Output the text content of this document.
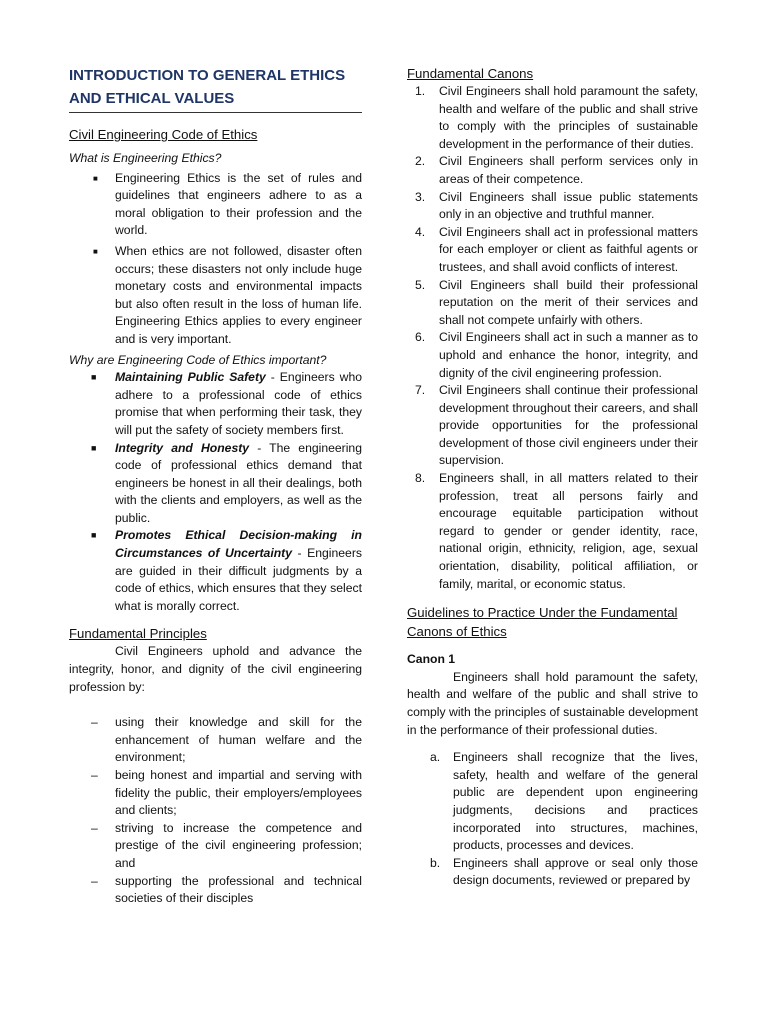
INTRODUCTION TO GENERAL ETHICS AND ETHICAL VALUES

Civil Engineering Code of Ethics

What is Engineering Ethics?

■ Engineering Ethics is the set of rules and guidelines that engineers adhere to as a moral obligation to their profession and the world.
■ When ethics are not followed, disaster often occurs; these disasters not only include huge monetary costs and environmental impacts but also often result in the loss of human life. Engineering Ethics applies to every engineer and is very important.

Why are Engineering Code of Ethics important?

■ Maintaining Public Safety - Engineers who adhere to a professional code of ethics promise that when performing their task, they will put the safety of society members first.
■ Integrity and Honesty - The engineering code of professional ethics demand that engineers be honest in all their dealings, both with the clients and employers, as well as the public.
■ Promotes Ethical Decision-making in Circumstances of Uncertainty - Engineers are guided in their difficult judgments by a code of ethics, which ensures that they select what is morally correct.

Fundamental Principles

Civil Engineers uphold and advance the integrity, honor, and dignity of the civil engineering profession by:

– using their knowledge and skill for the enhancement of human welfare and the environment;
– being honest and impartial and serving with fidelity the public, their employers/employees and clients;
– striving to increase the competence and prestige of the civil engineering profession; and
– supporting the professional and technical societies of their disciples

Fundamental Canons

1. Civil Engineers shall hold paramount the safety, health and welfare of the public and shall strive to comply with the principles of sustainable development in the performance of their duties.
2. Civil Engineers shall perform services only in areas of their competence.
3. Civil Engineers shall issue public statements only in an objective and truthful manner.
4. Civil Engineers shall act in professional matters for each employer or client as faithful agents or trustees, and shall avoid conflicts of interest.
5. Civil Engineers shall build their professional reputation on the merit of their services and shall not compete unfairly with others.
6. Civil Engineers shall act in such a manner as to uphold and enhance the honor, integrity, and dignity of the civil engineering profession.
7. Civil Engineers shall continue their professional development throughout their careers, and shall provide opportunities for the professional development of those civil engineers under their supervision.
8. Engineers shall, in all matters related to their profession, treat all persons fairly and encourage equitable participation without regard to gender or gender identity, race, national origin, ethnicity, religion, age, sexual orientation, disability, political affiliation, or family, marital, or economic status.

Guidelines to Practice Under the Fundamental Canons of Ethics

Canon 1

Engineers shall hold paramount the safety, health and welfare of the public and shall strive to comply with the principles of sustainable development in the performance of their professional duties.

a. Engineers shall recognize that the lives, safety, health and welfare of the general public are dependent upon engineering judgments, decisions and practices incorporated into structures, machines, products, processes and devices.
b. Engineers shall approve or seal only those design documents, reviewed or prepared by
